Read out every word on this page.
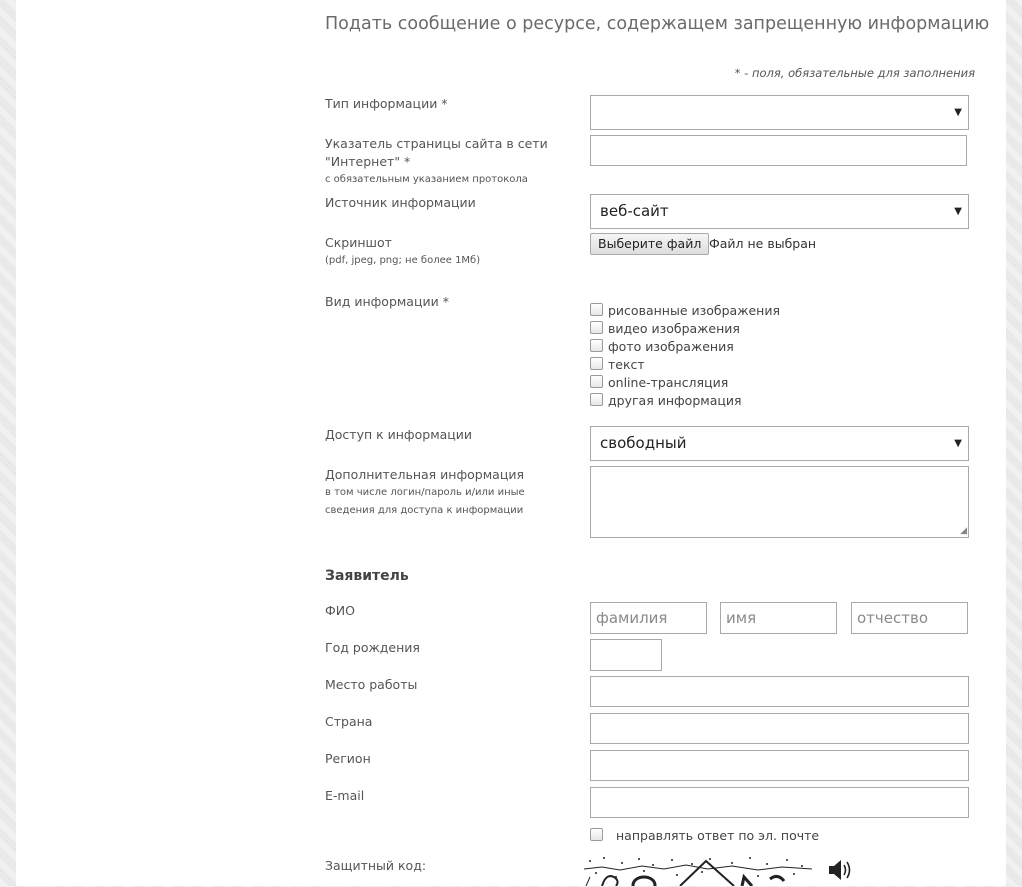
Подать сообщение о ресурсе, содержащем запрещенную информацию
* - поля, обязательные для заполнения
Тип информации *
▼
Указатель страницы сайта в сети
"Интернет" *
с обязательным указанием протокола
Источник информации	веб-сайт	▼
Скриншот
(pdf, jpeg, png; не более 1Мб)
Выберите файл Файл не выбран
Вид информации *
рисованные изображения
видео изображения
фото изображения
текст
online-трансляция
другая информация
Доступ к информации	свободный	▼
Дополнительная информация
в том числе логин/пароль и/или иные
сведения для доступа к информации
◢
Заявитель
ФИО	фамилия	имя	отчество
Год рождения
Место работы
Страна
Регион
E-mail
направлять ответ по эл. почте
Защитный код:
